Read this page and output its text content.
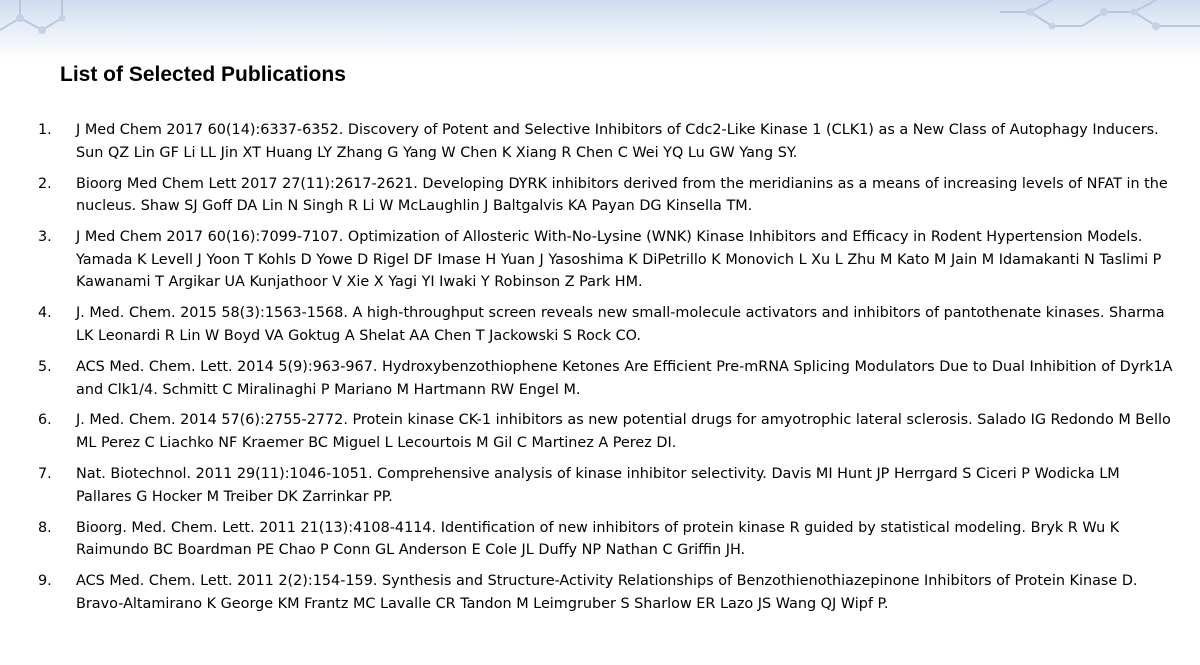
List of Selected Publications
1. J Med Chem 2017 60(14):6337-6352. Discovery of Potent and Selective Inhibitors of Cdc2-Like Kinase 1 (CLK1) as a New Class of Autophagy Inducers. Sun QZ Lin GF Li LL Jin XT Huang LY Zhang G Yang W Chen K Xiang R Chen C Wei YQ Lu GW Yang SY.
2. Bioorg Med Chem Lett 2017 27(11):2617-2621. Developing DYRK inhibitors derived from the meridianins as a means of increasing levels of NFAT in the nucleus. Shaw SJ Goff DA Lin N Singh R Li W McLaughlin J Baltgalvis KA Payan DG Kinsella TM.
3. J Med Chem 2017 60(16):7099-7107. Optimization of Allosteric With-No-Lysine (WNK) Kinase Inhibitors and Efficacy in Rodent Hypertension Models. Yamada K Levell J Yoon T Kohls D Yowe D Rigel DF Imase H Yuan J Yasoshima K DiPetrillo K Monovich L Xu L Zhu M Kato M Jain M Idamakanti N Taslimi P Kawanami T Argikar UA Kunjathoor V Xie X Yagi YI Iwaki Y Robinson Z Park HM.
4. J. Med. Chem. 2015 58(3):1563-1568. A high-throughput screen reveals new small-molecule activators and inhibitors of pantothenate kinases. Sharma LK Leonardi R Lin W Boyd VA Goktug A Shelat AA Chen T Jackowski S Rock CO.
5. ACS Med. Chem. Lett. 2014 5(9):963-967. Hydroxybenzothiophene Ketones Are Efficient Pre-mRNA Splicing Modulators Due to Dual Inhibition of Dyrk1A and Clk1/4. Schmitt C Miralinaghi P Mariano M Hartmann RW Engel M.
6. J. Med. Chem. 2014 57(6):2755-2772. Protein kinase CK-1 inhibitors as new potential drugs for amyotrophic lateral sclerosis. Salado IG Redondo M Bello ML Perez C Liachko NF Kraemer BC Miguel L Lecourtois M Gil C Martinez A Perez DI.
7. Nat. Biotechnol. 2011 29(11):1046-1051. Comprehensive analysis of kinase inhibitor selectivity. Davis MI Hunt JP Herrgard S Ciceri P Wodicka LM Pallares G Hocker M Treiber DK Zarrinkar PP.
8. Bioorg. Med. Chem. Lett. 2011 21(13):4108-4114. Identification of new inhibitors of protein kinase R guided by statistical modeling. Bryk R Wu K Raimundo BC Boardman PE Chao P Conn GL Anderson E Cole JL Duffy NP Nathan C Griffin JH.
9. ACS Med. Chem. Lett. 2011 2(2):154-159. Synthesis and Structure-Activity Relationships of Benzothienothiazepinone Inhibitors of Protein Kinase D. Bravo-Altamirano K George KM Frantz MC Lavalle CR Tandon M Leimgruber S Sharlow ER Lazo JS Wang QJ Wipf P.
